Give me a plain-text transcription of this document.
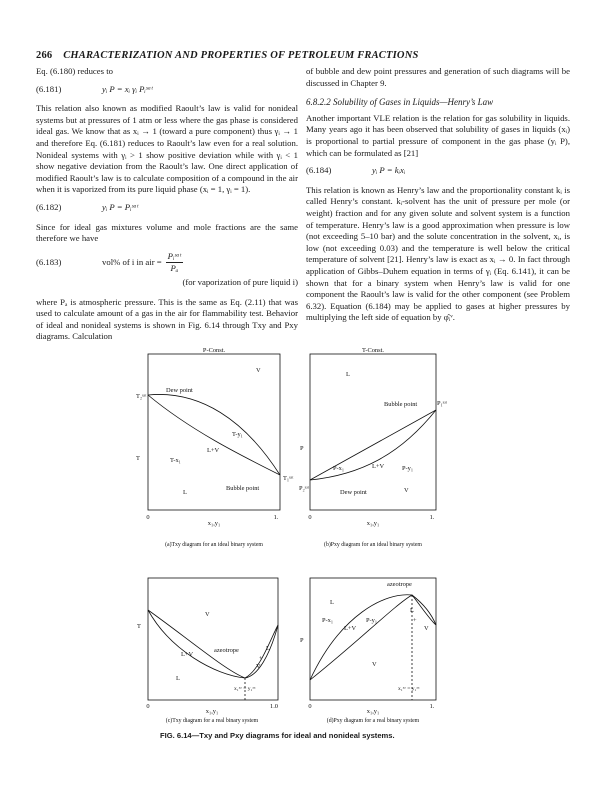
266 CHARACTERIZATION AND PROPERTIES OF PETROLEUM FRACTIONS

Eq. (6.180) reduces to

(6.181)	yᵢ P = xᵢ γᵢ Pᵢˢᵃᵗ

This relation also known as modified Raoult’s law is valid for nonideal systems but at pressures of 1 atm or less where the gas phase is considered ideal gas. We know that as xᵢ → 1 (toward a pure component) thus γᵢ → 1 and therefore Eq. (6.181) reduces to Raoult’s law even for a real solution. Nonideal systems with γᵢ > 1 show positive deviation while with γᵢ < 1 show negative deviation from the Raoult’s law. One direct application of modified Raoult’s law is to calculate composition of a compound in the air when it is vaporized from its pure liquid phase (xᵢ = 1, γᵢ = 1).

(6.182)	yᵢ P = Pᵢˢᵃᵗ

Since for ideal gas mixtures volume and mole fractions are the same therefore we have

(6.183)	vol% of i in air = $\frac{\text{Pᵢˢᵃᵗ}}{\text{Pₐ}}$
(for vaporization of pure liquid i)

where Pₐ is atmospheric pressure. This is the same as Eq. (2.11) that was used to calculate amount of a gas in the air for flammability test. Behavior of ideal and nonideal systems is shown in Fig. 6.14 through Txy and Pxy diagrams. Calculation

of bubble and dew point pressures and generation of such diagrams will be discussed in Chapter 9.

6.8.2.2 Solubility of Gases in Liquids—Henry’s Law

Another important VLE relation is the relation for gas solubility in liquids. Many years ago it has been observed that solubility of gases in liquids (xᵢ) is proportional to partial pressure of component in the gas phase (yᵢ P), which can be formulated as [21]

(6.184)	yᵢ P = kᵢxᵢ

This relation is known as Henry’s law and the proportionality constant kᵢ is called Henry’s constant. kᵢ-solvent has the unit of pressure per mole (or weight) fraction and for any given solute and solvent system is a function of temperature. Henry’s law is a good approximation when pressure is low (not exceeding 5–10 bar) and the solute concentration in the solvent, xᵢ, is low (not exceeding 0.03) and the temperature is well below the critical temperature of solvent [21]. Henry’s law is exact as xᵢ → 0. In fact through application of Gibbs–Duhem equation in terms of γᵢ (Eq. 6.141), it can be shown that for a binary system when Henry’s law is valid for one component the Raoult’s law is valid for the other component (see Problem 6.32). Equation (6.184) may be applied to gases at higher pressures by multiplying the left side of equation by φ̂ᵢᵛ.

P-Const.
T
T₂ˢᵃᵗ
T₁ˢᵃᵗ
Dew point
Bubble point
V
L
L+V
T-y₁
T-x₁
0	1.
x₁,y₁
(a)Txy diagram for an ideal binary system
T-Const.
P
P₁ˢᵃᵗ
P₂ˢᵃᵗ
Bubble point
Dew point
L
V
L+V
P-x₁	P-y₁
0	1.
x₁,y₁
(b)Pxy diagram for an ideal binary system
T
V
L
L+V
azeotrope	L
+
V
x₁ᵃᶻ = y₁ᵃᶻ
0	1.0
x₁,y₁
(c)Txy diagram for a real binary system
P
V
L
L+V
azeotrope
P-x₁	P-y₁
L
+
V
x₁ᵃᶻ = y₁ᵃᶻ
0	1.
x₁,y₁
(d)Pxy diagram for a real binary system
FIG. 6.14—Txy and Pxy diagrams for ideal and nonideal systems.
